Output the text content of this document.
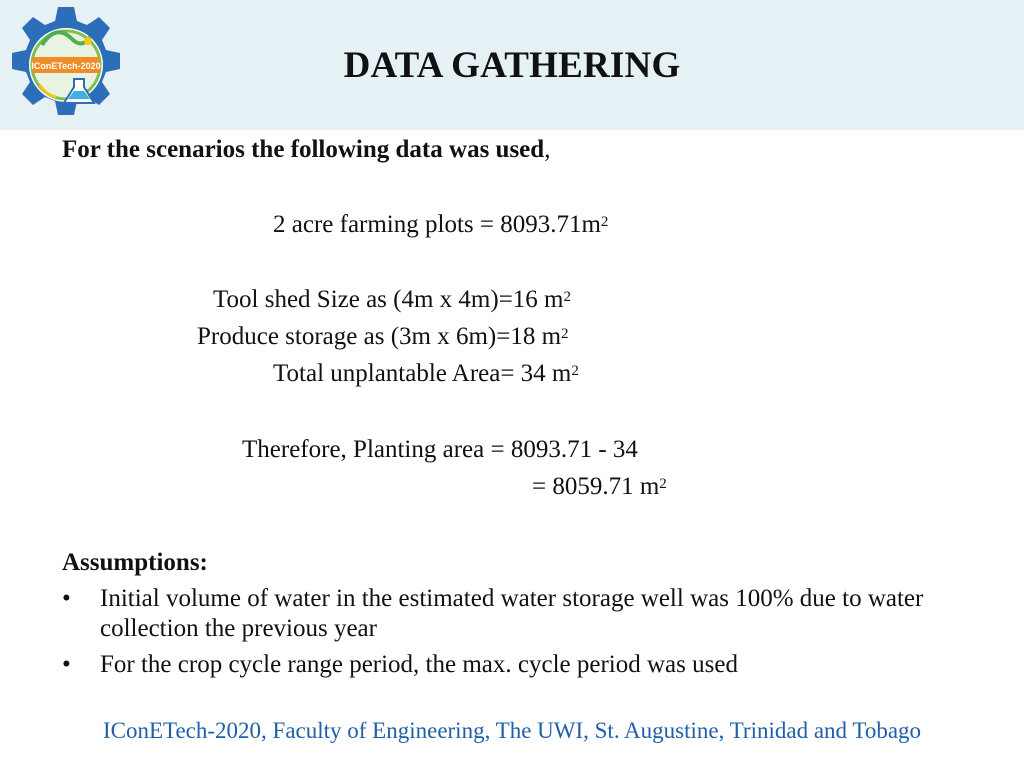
IConETech-2020	DATA GATHERING
For the scenarios the following data was used,
2 acre farming plots = $8093.71m^2$
Tool shed Size as (4m x 4m)=16 $m^2$
Produce storage as (3m x 6m)=18 $m^2$
Total unplantable Area= 34 $m^2$
Therefore, Planting area = 8093.71 - 34
= 8059.71 $m^2$
Assumptions:
• Initial volume of water in the estimated water storage well was 100% due to water collection the previous year
• For the crop cycle range period, the max. cycle period was used
IConETech-2020, Faculty of Engineering, The UWI, St. Augustine, Trinidad and Tobago
